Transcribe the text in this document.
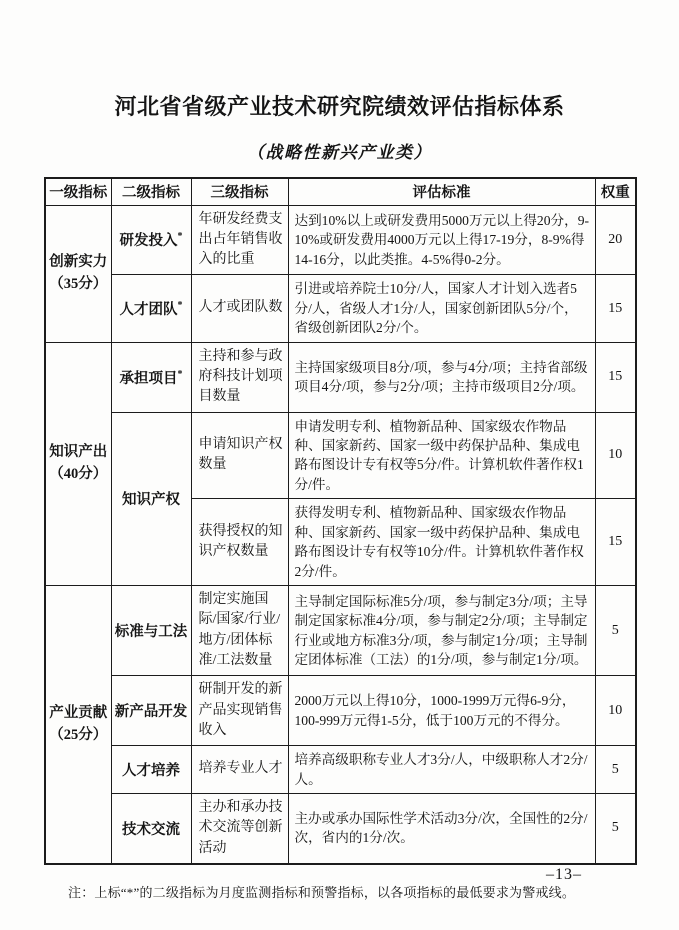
河北省省级产业技术研究院绩效评估指标体系
（战略性新兴产业类）
一级指标	二级指标	三级指标	评估标准	权重

创新实力
（35分）	研发投入*	年研发经费支出占年销售收入的比重	达到10%以上或研发费用5000万元以上得20分，9-10%或研发费用4000万元以上得17-19分，8-9%得14-16分，以此类推。4-5%得0-2分。	20
	人才团队*	人才或团队数	引进或培养院士10分/人，国家人才计划入选者5分/人，省级人才1分/人，国家创新团队5分/个，省级创新团队2分/个。	15

知识产出
（40分）	承担项目*	主持和参与政府科技计划项目数量	主持国家级项目8分/项，参与4分/项；主持省部级项目4分/项，参与2分/项；主持市级项目2分/项。	15
	知识产权	申请知识产权数量	申请发明专利、植物新品种、国家级农作物品种、国家新药、国家一级中药保护品种、集成电路布图设计专有权等5分/件。计算机软件著作权1分/件。	10
		获得授权的知识产权数量	获得发明专利、植物新品种、国家级农作物品种、国家新药、国家一级中药保护品种、集成电路布图设计专有权等10分/件。计算机软件著作权2分/件。	15

产业贡献
（25分）	标准与工法	制定实施国际/国家/行业/地方/团体标准/工法数量	主导制定国际标准5分/项，参与制定3分/项；主导制定国家标准4分/项，参与制定2分/项；主导制定行业或地方标准3分/项，参与制定1分/项；主导制定团体标准（工法）的1分/项，参与制定1分/项。	5
	新产品开发	研制开发的新产品实现销售收入	2000万元以上得10分，1000-1999万元得6-9分，100-999万元得1-5分，低于100万元的不得分。	10
	人才培养	培养专业人才	培养高级职称专业人才3分/人，中级职称人才2分/人。	5
	技术交流	主办和承办技术交流等创新活动	主办或承办国际性学术活动3分/次，全国性的2分/次，省内的1分/次。	5

注：上标“*”的二级指标为月度监测指标和预警指标，以各项指标的最低要求为警戒线。

–13–
